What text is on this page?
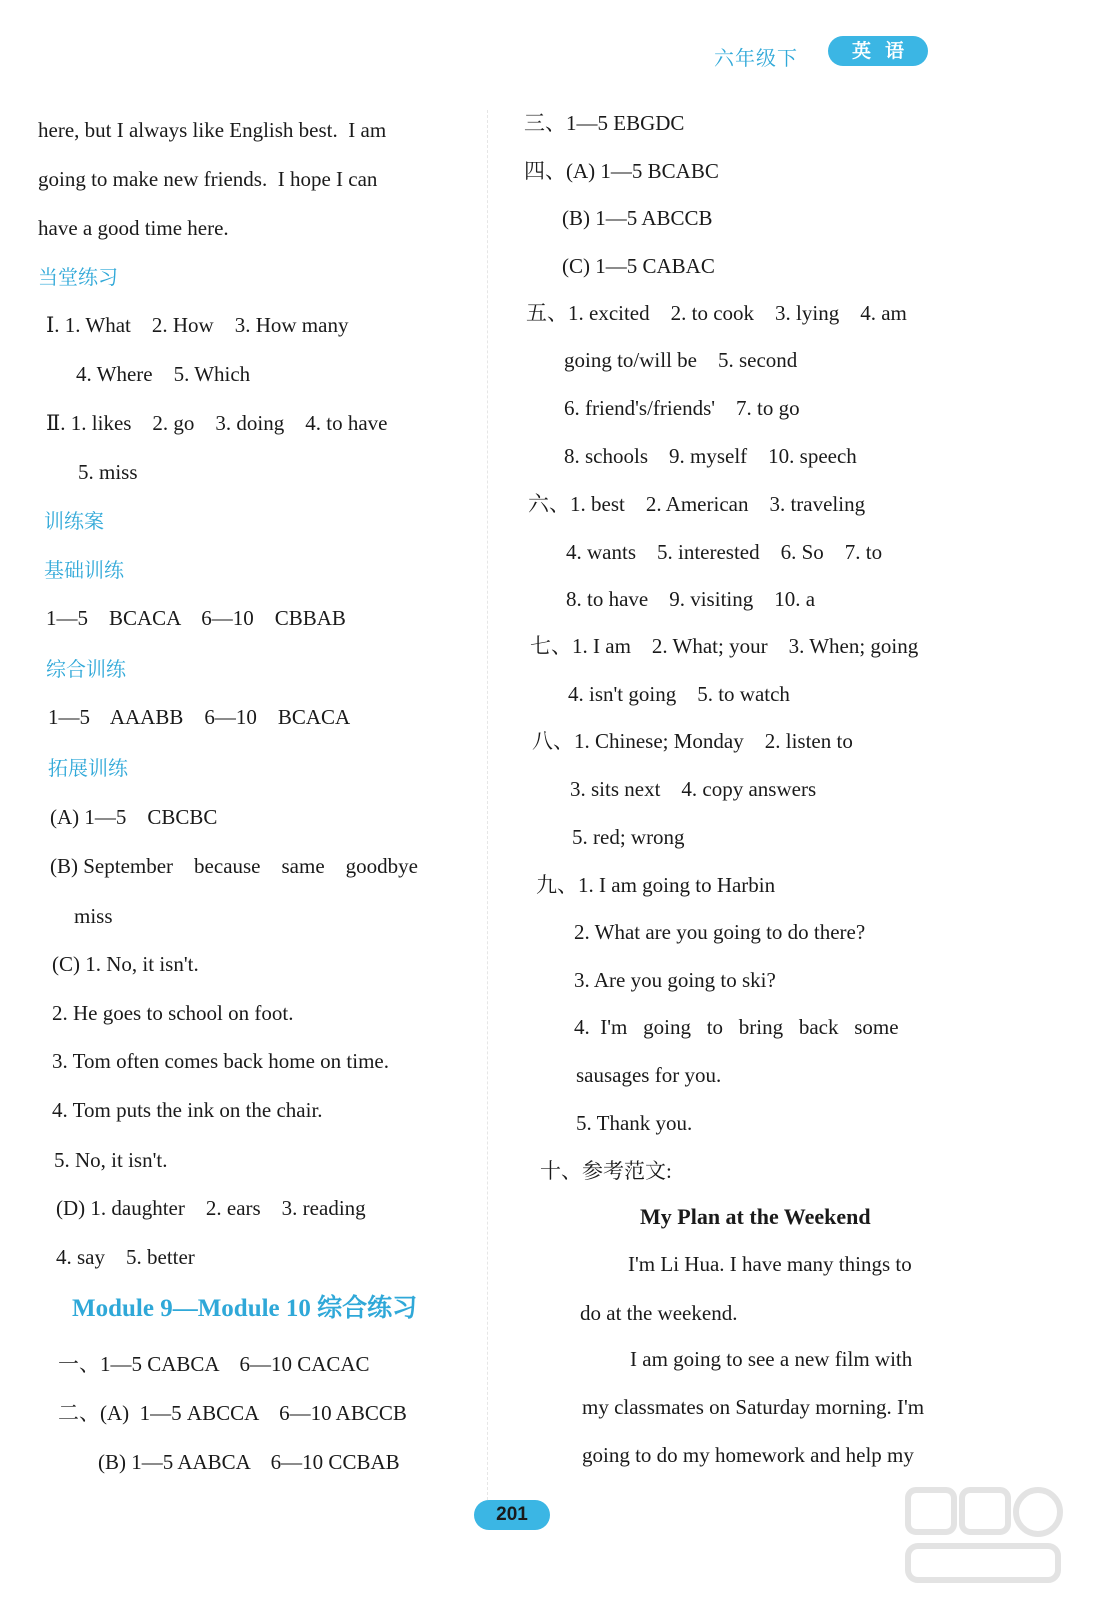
六年级下	英语
here, but I always like English best.  I am
going to make new friends.  I hope I can
have a good time here.
当堂练习
Ⅰ. 1. What    2. How    3. How many
4. Where    5. Which
Ⅱ. 1. likes    2. go    3. doing    4. to have
5. miss
训练案
基础训练
1—5    BCACA    6—10    CBBAB
综合训练
1—5    AAABB    6—10    BCACA
拓展训练
(A) 1—5    CBCBC
(B) September    because    same    goodbye
miss
(C) 1. No, it isn't.
2. He goes to school on foot.
3. Tom often comes back home on time.
4. Tom puts the ink on the chair.
5. No, it isn't.
(D) 1. daughter    2. ears    3. reading
4. say    5. better
Module 9—Module 10 综合练习
一、1—5 CABCA    6—10 CACAC
二、(A)  1—5 ABCCA    6—10 ABCCB
(B) 1—5 AABCA    6—10 CCBAB
三、1—5 EBGDC
四、(A) 1—5 BCABC
(B) 1—5 ABCCB
(C) 1—5 CABAC
五、1. excited    2. to cook    3. lying    4. am
going to/will be    5. second
6. friend's/friends'    7. to go
8. schools    9. myself    10. speech
六、1. best    2. American    3. traveling
4. wants    5. interested    6. So    7. to
8. to have    9. visiting    10. a
七、1. I am    2. What; your    3. When; going
4. isn't going    5. to watch
八、1. Chinese; Monday    2. listen to
3. sits next    4. copy answers
5. red; wrong
九、1. I am going to Harbin
2. What are you going to do there?
3. Are you going to ski?
4.  I'm   going   to   bring   back   some
sausages for you.
5. Thank you.
十、参考范文:
My Plan at the Weekend
I'm Li Hua. I have many things to
do at the weekend.
I am going to see a new film with
my classmates on Saturday morning. I'm
going to do my homework and help my
201
